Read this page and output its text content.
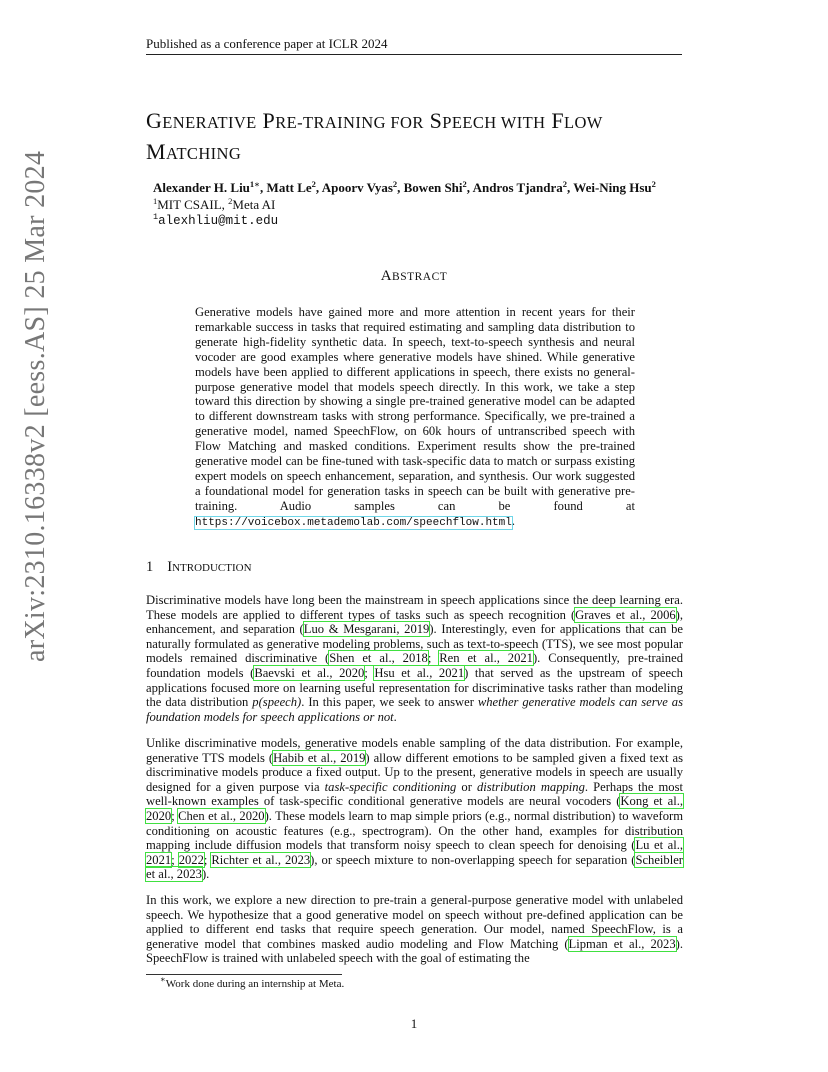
arXiv:2310.16338v2 [eess.AS] 25 Mar 2024
Published as a conference paper at ICLR 2024
GENERATIVE PRE-TRAINING FOR SPEECH WITH FLOW
MATCHING
Alexander H. Liu$^{1∗}$, Matt Le$^2$, Apoorv Vyas$^2$, Bowen Shi$^2$, Andros Tjandra$^2$, Wei-Ning Hsu$^2$
$^1$MIT CSAIL, $^2$Meta AI
$^1$alexhliu@mit.edu
ABSTRACT
Generative models have gained more and more attention in recent years for their remarkable success in tasks that required estimating and sampling data distribution to generate high-fidelity synthetic data. In speech, text-to-speech synthesis and neural vocoder are good examples where generative models have shined. While generative models have been applied to different applications in speech, there exists no general-purpose generative model that models speech directly. In this work, we take a step toward this direction by showing a single pre-trained generative model can be adapted to different downstream tasks with strong performance. Specifically, we pre-trained a generative model, named SpeechFlow, on 60k hours of untranscribed speech with Flow Matching and masked conditions. Experiment results show the pre-trained generative model can be fine-tuned with task-specific data to match or surpass existing expert models on speech enhancement, separation, and synthesis. Our work suggested a foundational model for generation tasks in speech can be built with generative pre-training. Audio samples can be found at https://voicebox.metademolab.com/speechflow.html.
1 INTRODUCTION
Discriminative models have long been the mainstream in speech applications since the deep learning era. These models are applied to different types of tasks such as speech recognition (Graves et al., 2006), enhancement, and separation (Luo & Mesgarani, 2019). Interestingly, even for applications that can be naturally formulated as generative modeling problems, such as text-to-speech (TTS), we see most popular models remained discriminative (Shen et al., 2018; Ren et al., 2021). Consequently, pre-trained foundation models (Baevski et al., 2020; Hsu et al., 2021) that served as the upstream of speech applications focused more on learning useful representation for discriminative tasks rather than modeling the data distribution p(speech). In this paper, we seek to answer whether generative models can serve as foundation models for speech applications or not.
Unlike discriminative models, generative models enable sampling of the data distribution. For example, generative TTS models (Habib et al., 2019) allow different emotions to be sampled given a fixed text as discriminative models produce a fixed output. Up to the present, generative models in speech are usually designed for a given purpose via task-specific conditioning or distribution mapping. Perhaps the most well-known examples of task-specific conditional generative models are neural vocoders (Kong et al., 2020; Chen et al., 2020). These models learn to map simple priors (e.g., normal distribution) to waveform conditioning on acoustic features (e.g., spectrogram). On the other hand, examples for distribution mapping include diffusion models that transform noisy speech to clean speech for denoising (Lu et al., 2021; 2022; Richter et al., 2023), or speech mixture to non-overlapping speech for separation (Scheibler et al., 2023).
In this work, we explore a new direction to pre-train a general-purpose generative model with unlabeled speech. We hypothesize that a good generative model on speech without pre-defined application can be applied to different end tasks that require speech generation. Our model, named SpeechFlow, is a generative model that combines masked audio modeling and Flow Matching (Lipman et al., 2023). SpeechFlow is trained with unlabeled speech with the goal of estimating the
∗Work done during an internship at Meta.
1
